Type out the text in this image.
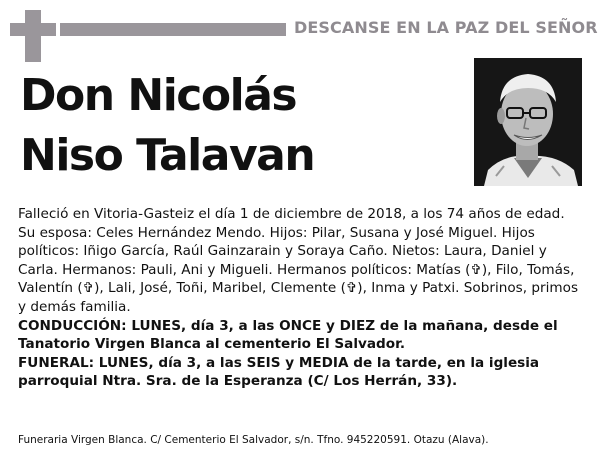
DESCANSE EN LA PAZ DEL SEÑOR
Don Nicolás
Niso Talavan

Falleció en Vitoria-Gasteiz el día 1 de diciembre de 2018, a los 74 años de edad.

Su esposa: Celes Hernández Mendo. Hijos: Pilar, Susana y José Miguel. Hijos políticos: Iñigo García, Raúl Gainzarain y Soraya Caño. Nietos: Laura, Daniel y Carla. Hermanos: Pauli, Ani y Migueli. Hermanos políticos: Matías (✞), Filo, Tomás, Valentín (✞), Lali, José, Toñi, Maribel, Clemente (✞), Inma y Patxi. Sobrinos, primos y demás familia.

CONDUCCIÓN: LUNES, día 3, a las ONCE y DIEZ de la mañana, desde el Tanatorio Virgen Blanca al cementerio El Salvador.

FUNERAL: LUNES, día 3, a las SEIS y MEDIA de la tarde, en la iglesia parroquial Ntra. Sra. de la Esperanza (C/ Los Herrán, 33).

Funeraria Virgen Blanca. C/ Cementerio El Salvador, s/n. Tfno. 945220591. Otazu (Alava).
